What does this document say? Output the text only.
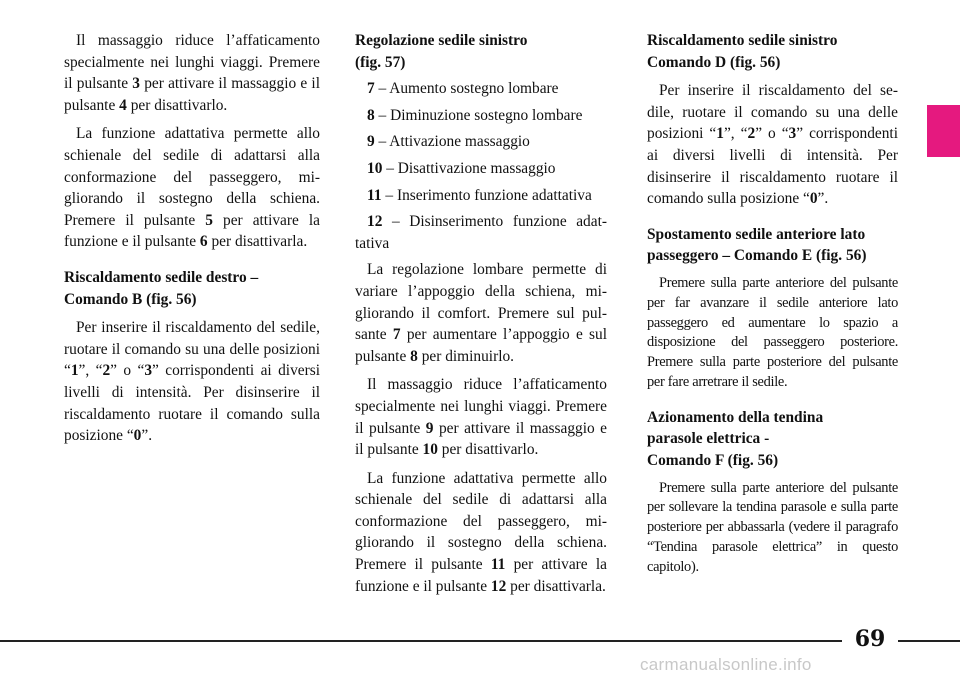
Il massaggio riduce l’affaticamento specialmente nei lunghi viaggi. Premere il pulsante 3 per attivare il massaggio e il pulsante 4 per disattivarlo.

La funzione adattativa permette allo schienale del sedile di adattarsi alla conformazione del passeggero, migliorando il sostegno della schiena. Premere il pulsante 5 per attivare la funzione e il pulsante 6 per disattivarla.

Riscaldamento sedile destro –
Comando B (fig. 56)

Per inserire il riscaldamento del sedile, ruotare il comando su una delle posizioni “1”, “2” o “3” corrispondenti ai diversi livelli di intensità. Per disinserire il riscaldamento ruotare il comando sulla posizione “0”.

Regolazione sedile sinistro
(fig. 57)
7 – Aumento sostegno lombare
8 – Diminuzione sostegno lombare
9 – Attivazione massaggio
10 – Disattivazione massaggio
11 – Inserimento funzione adattativa
12 – Disinserimento funzione adattativa

La regolazione lombare permette di variare l’appoggio della schiena, migliorando il comfort. Premere sul pulsante 7 per aumentare l’appoggio e sul pulsante 8 per diminuirlo.

Il massaggio riduce l’affaticamento specialmente nei lunghi viaggi. Premere il pulsante 9 per attivare il massaggio e il pulsante 10 per disattivarlo.

La funzione adattativa permette allo schienale del sedile di adattarsi alla conformazione del passeggero, migliorando il sostegno della schiena. Premere il pulsante 11 per attivare la funzione e il pulsante 12 per disattivarla.

Riscaldamento sedile sinistro
Comando D (fig. 56)

Per inserire il riscaldamento del sedile, ruotare il comando su una delle posizioni “1”, “2” o “3” corrispondenti ai diversi livelli di intensità. Per disinserire il riscaldamento ruotare il comando sulla posizione “0”.

Spostamento sedile anteriore lato
passeggero – Comando E (fig. 56)

Premere sulla parte anteriore del pulsante per far avanzare il sedile anteriore lato passeggero ed aumentare lo spazio a disposizione del passeggero posteriore. Premere sulla parte posteriore del pulsante per fare arretrare il sedile.

Azionamento della tendina
parasole elettrica -
Comando F (fig. 56)

Premere sulla parte anteriore del pulsante per sollevare la tendina parasole e sulla parte posteriore per abbassarla (vedere il paragrafo “Tendina parasole elettrica” in questo capitolo).

69
carmanualsonline.info
